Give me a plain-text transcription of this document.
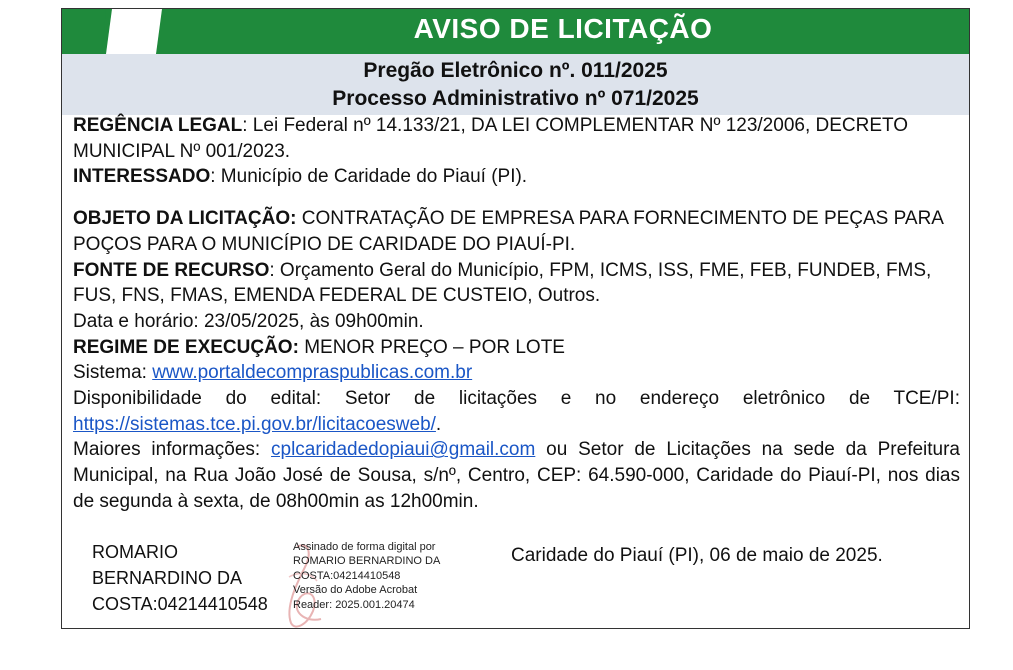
AVISO DE LICITAÇÃO
Pregão Eletrônico nº. 011/2025
Processo Administrativo nº 071/2025

REGÊNCIA LEGAL: Lei Federal nº 14.133/21, DA LEI COMPLEMENTAR Nº 123/2006, DECRETO MUNICIPAL Nº 001/2023.

INTERESSADO: Município de Caridade do Piauí (PI).

OBJETO DA LICITAÇÃO: CONTRATAÇÃO DE EMPRESA PARA FORNECIMENTO DE PEÇAS PARA POÇOS PARA O MUNICÍPIO DE CARIDADE DO PIAUÍ-PI.

FONTE DE RECURSO: Orçamento Geral do Município, FPM, ICMS, ISS, FME, FEB, FUNDEB, FMS, FUS, FNS, FMAS, EMENDA FEDERAL DE CUSTEIO, Outros.

Data e horário: 23/05/2025, às 09h00min.

REGIME DE EXECUÇÃO: MENOR PREÇO – POR LOTE

Sistema: www.portaldecompraspublicas.com.br

Disponibilidade do edital: Setor de licitações e no endereço eletrônico de TCE/PI: https://sistemas.tce.pi.gov.br/licitacoesweb/.

Maiores informações: cplcaridadedopiaui@gmail.com ou Setor de Licitações na sede da Prefeitura Municipal, na Rua João José de Sousa, s/nº, Centro, CEP: 64.590-000, Caridade do Piauí-PI, nos dias de segunda à sexta, de 08h00min as 12h00min.

ROMARIO
BERNARDINO DA
COSTA:04214410548
Assinado de forma digital por
ROMARIO BERNARDINO DA
COSTA:04214410548
Versão do Adobe Acrobat
Reader: 2025.001.20474
Caridade do Piauí (PI), 06 de maio de 2025.
